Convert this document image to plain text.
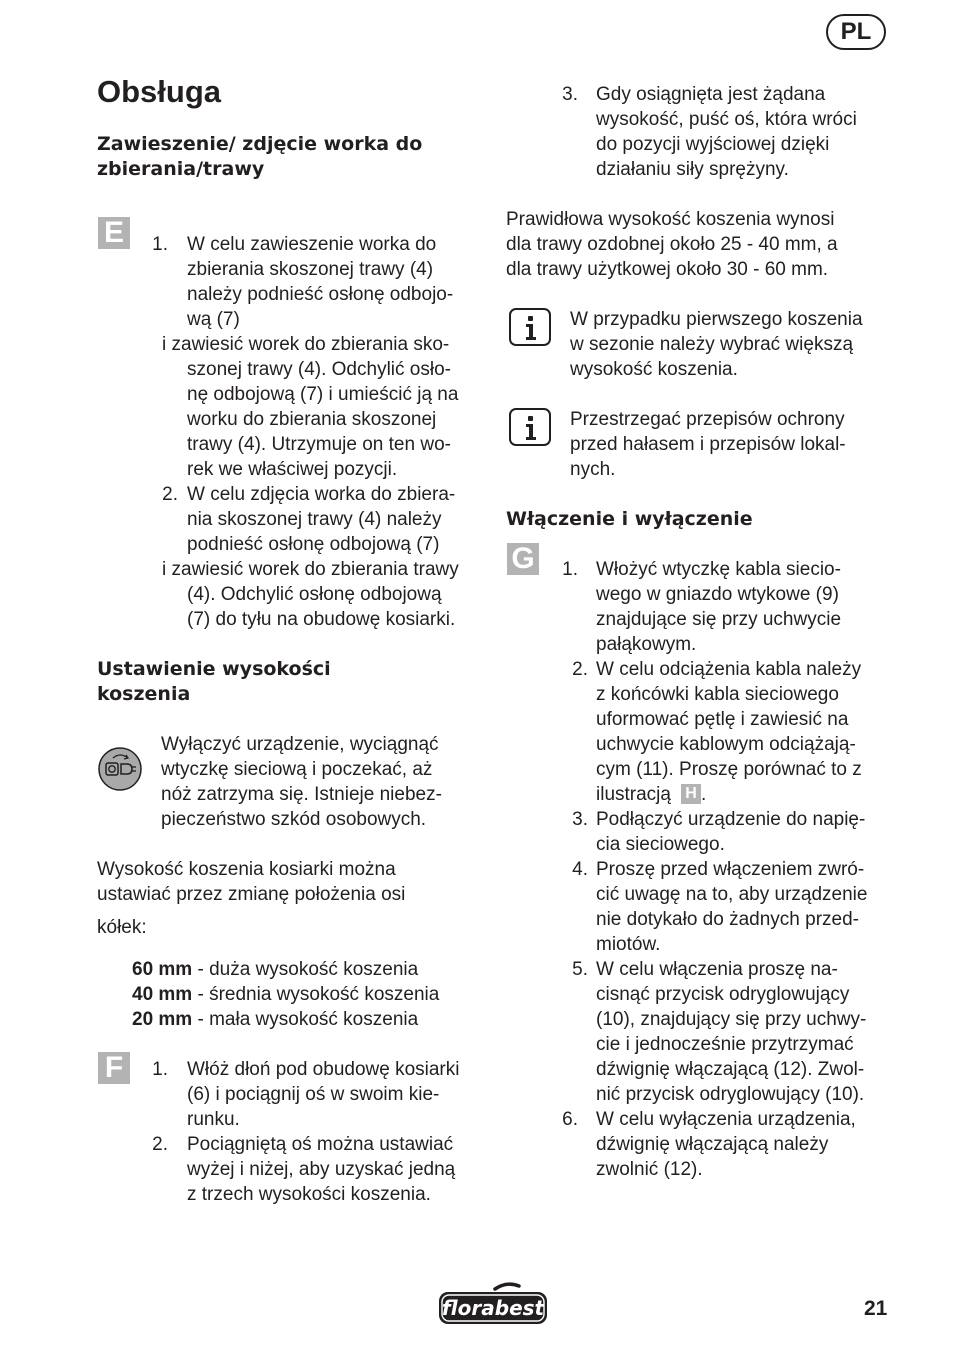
PL
Obsługa
Zawieszenie/ zdjęcie worka do
zbierania/trawy
E	1. W celu zawieszenie worka do
zbierania skoszonej trawy (4)
należy podnieść osłonę odbojo-
wą (7)
i zawiesić worek do zbierania sko-
szonej trawy (4). Odchylić osło-
nę odbojową (7) i umieścić ją na
worku do zbierania skoszonej
trawy (4). Utrzymuje on ten wo-
rek we właściwej pozycji.
2. W celu zdjęcia worka do zbiera-
nia skoszonej trawy (4) należy
podnieść osłonę odbojową (7)
i zawiesić worek do zbierania trawy
(4). Odchylić osłonę odbojową
(7) do tyłu na obudowę kosiarki.
Ustawienie wysokości
koszenia
Wyłączyć urządzenie, wyciągnąć
wtyczkę sieciową i poczekać, aż
nóż zatrzyma się. Istnieje niebez-
pieczeństwo szkód osobowych.
Wysokość koszenia kosiarki można
ustawiać przez zmianę położenia osi
kółek:
60 mm - duża wysokość koszenia
40 mm - średnia wysokość koszenia
20 mm - mała wysokość koszenia
F	1. Włóż dłoń pod obudowę kosiarki
(6) i pociągnij oś w swoim kie-
runku.
2. Pociągniętą oś można ustawiać
wyżej i niżej, aby uzyskać jedną
z trzech wysokości koszenia.
3. Gdy osiągnięta jest żądana
wysokość, puść oś, która wróci
do pozycji wyjściowej dzięki
działaniu siły sprężyny.
Prawidłowa wysokość koszenia wynosi
dla trawy ozdobnej około 25 - 40 mm, a
dla trawy użytkowej około 30 - 60 mm.
W przypadku pierwszego koszenia
w sezonie należy wybrać większą
wysokość koszenia.
Przestrzegać przepisów ochrony
przed hałasem i przepisów lokal-
nych.
Włączenie i wyłączenie
G	1. Włożyć wtyczkę kabla siecio-
wego w gniazdo wtykowe (9)
znajdujące się przy uchwycie
pałąkowym.
2. W celu odciążenia kabla należy
z końcówki kabla sieciowego
uformować pętlę i zawiesić na
uchwycie kablowym odciążają-
cym (11). Proszę porównać to z
ilustracją H .
3. Podłączyć urządzenie do napię-
cia sieciowego.
4. Proszę przed włączeniem zwró-
cić uwagę na to, aby urządzenie
nie dotykało do żadnych przed-
miotów.
5. W celu włączenia proszę na-
cisnąć przycisk odryglowujący
(10), znajdujący się przy uchwy-
cie i jednocześnie przytrzymać
dźwignię włączającą (12). Zwol-
nić przycisk odryglowujący (10).
6. W celu wyłączenia urządzenia,
dźwignię włączającą należy
zwolnić (12).
florabest	21
